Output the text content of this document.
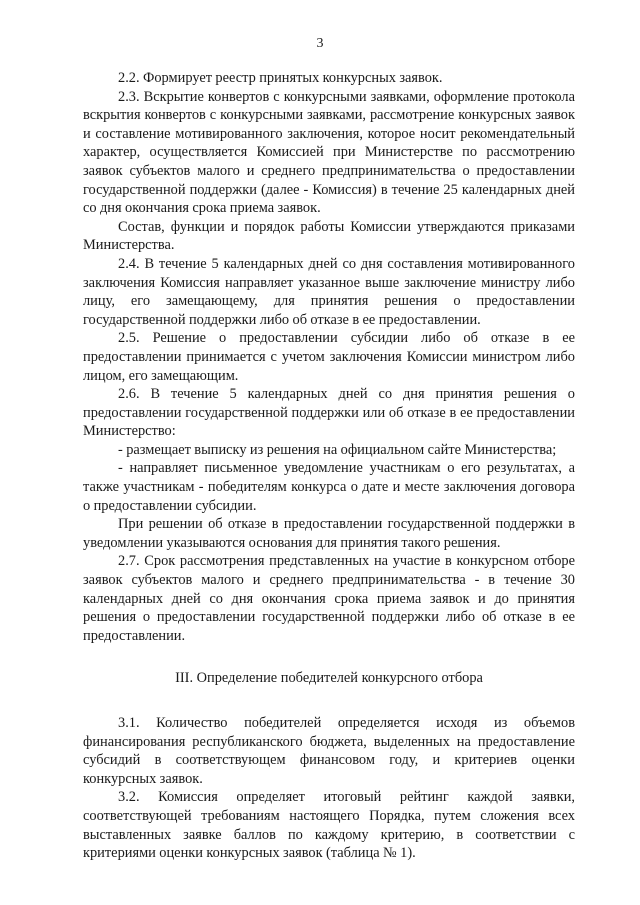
3

2.2. Формирует реестр принятых конкурсных заявок.

2.3. Вскрытие конвертов с конкурсными заявками, оформление протокола вскрытия конвертов с конкурсными заявками, рассмотрение конкурсных заявок и составление мотивированного заключения, которое носит рекомендательный характер, осуществляется Комиссией при Министерстве по рассмотрению заявок субъектов малого и среднего предпринимательства о предоставлении государственной поддержки (далее - Комиссия) в течение 25 календарных дней со дня окончания срока приема заявок.

Состав, функции и порядок работы Комиссии утверждаются приказами Министерства.

2.4. В течение 5 календарных дней со дня составления мотивированного заключения Комиссия направляет указанное выше заключение министру либо лицу, его замещающему, для принятия решения о предоставлении государственной поддержки либо об отказе в ее предоставлении.

2.5. Решение о предоставлении субсидии либо об отказе в ее предоставлении принимается с учетом заключения Комиссии министром либо лицом, его замещающим.

2.6. В течение 5 календарных дней со дня принятия решения о предоставлении государственной поддержки или об отказе в ее предоставлении Министерство:

- размещает выписку из решения на официальном сайте Министерства;

- направляет письменное уведомление участникам о его результатах, а также участникам - победителям конкурса о дате и месте заключения договора о предоставлении субсидии.

При решении об отказе в предоставлении государственной поддержки в уведомлении указываются основания для принятия такого решения.

2.7. Срок рассмотрения представленных на участие в конкурсном отборе заявок субъектов малого и среднего предпринимательства - в течение 30 календарных дней со дня окончания срока приема заявок и до принятия решения о предоставлении государственной поддержки либо об отказе в ее предоставлении.

III. Определение победителей конкурсного отбора

3.1. Количество победителей определяется исходя из объемов финансирования республиканского бюджета, выделенных на предоставление субсидий в соответствующем финансовом году, и критериев оценки конкурсных заявок.

3.2. Комиссия определяет итоговый рейтинг каждой заявки, соответствующей требованиям настоящего Порядка, путем сложения всех выставленных заявке баллов по каждому критерию, в соответствии с критериями оценки конкурсных заявок (таблица № 1).
